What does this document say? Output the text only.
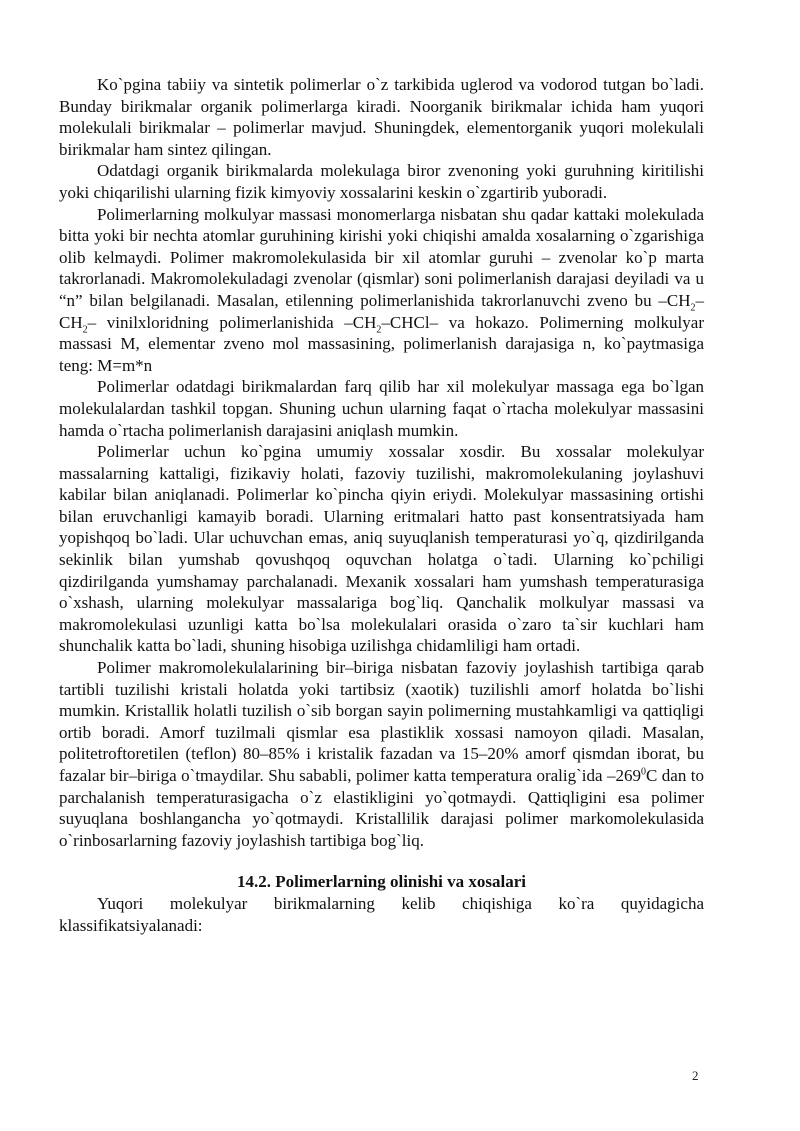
Ko`pgina tabiiy va sintetik polimerlar o`z tarkibida uglerod va vodorod tutgan bo`ladi. Bunday birikmalar organik polimerlarga kiradi. Noorganik birikmalar ichida ham yuqori molekulali birikmalar – polimerlar mavjud. Shuningdek, elementorganik yuqori molekulali birikmalar ham sintez qilingan.

Odatdagi organik birikmalarda molekulaga biror zvenoning yoki guruhning kiritilishi yoki chiqarilishi ularning fizik kimyoviy xossalarini keskin o`zgartirib yuboradi.

Polimerlarning molkulyar massasi monomerlarga nisbatan shu qadar kattaki molekulada bitta yoki bir nechta atomlar guruhining kirishi yoki chiqishi amalda xosalarning o`zgarishiga olib kelmaydi. Polimer makromolekulasida bir xil atomlar guruhi – zvenolar ko`p marta takrorlanadi. Makromolekuladagi zvenolar (qismlar) soni polimerlanish darajasi deyiladi va u “n” bilan belgilanadi. Masalan, etilenning polimerlanishida takrorlanuvchi zveno bu $-CH_2-CH_2-$ vinilxloridning polimerlanishida $-CH_2-CHCl-$ va hokazo. Polimerning molkulyar massasi M, elementar zveno mol massasining, polimerlanish darajasiga n, ko`paytmasiga teng: M=m*n

Polimerlar odatdagi birikmalardan farq qilib har xil molekulyar massaga ega bo`lgan molekulalardan tashkil topgan. Shuning uchun ularning faqat o`rtacha molekulyar massasini hamda o`rtacha polimerlanish darajasini aniqlash mumkin.

Polimerlar uchun ko`pgina umumiy xossalar xosdir. Bu xossalar molekulyar massalarning kattaligi, fizikaviy holati, fazoviy tuzilishi, makromolekulaning joylashuvi kabilar bilan aniqlanadi. Polimerlar ko`pincha qiyin eriydi. Molekulyar massasining ortishi bilan eruvchanligi kamayib boradi. Ularning eritmalari hatto past konsentratsiyada ham yopishqoq bo`ladi. Ular uchuvchan emas, aniq suyuqlanish temperaturasi yo`q, qizdirilganda sekinlik bilan yumshab qovushqoq oquvchan holatga o`tadi. Ularning ko`pchiligi qizdirilganda yumshamay parchalanadi. Mexanik xossalari ham yumshash temperaturasiga o`xshash, ularning molekulyar massalariga bog`liq. Qanchalik molkulyar massasi va makromolekulasi uzunligi katta bo`lsa molekulalari orasida o`zaro ta`sir kuchlari ham shunchalik katta bo`ladi, shuning hisobiga uzilishga chidamliligi ham ortadi.

Polimer makromolekulalarining bir–biriga nisbatan fazoviy joylashish tartibiga qarab tartibli tuzilishi kristali holatda yoki tartibsiz (xaotik) tuzilishli amorf holatda bo`lishi mumkin. Kristallik holatli tuzilish o`sib borgan sayin polimerning mustahkamligi va qattiqligi ortib boradi. Amorf tuzilmali qismlar esa plastiklik xossasi namoyon qiladi. Masalan, politetroftoretilen (teflon) 80–85% i kristalik fazadan va 15–20% amorf qismdan iborat, bu fazalar bir–biriga o`tmaydilar. Shu sababli, polimer katta temperatura oralig`ida $-269^0C$ dan to parchalanish temperaturasigacha o`z elastikligini yo`qotmaydi. Qattiqligini esa polimer suyuqlana boshlangancha yo`qotmaydi. Kristallilik darajasi polimer markomolekulasida o`rinbosarlarning fazoviy joylashish tartibiga bog`liq.

14.2. Polimerlarning olinishi va xosalari

Yuqori molekulyar birikmalarning kelib chiqishiga ko`ra quyidagicha klassifikatsiyalanadi:

2
